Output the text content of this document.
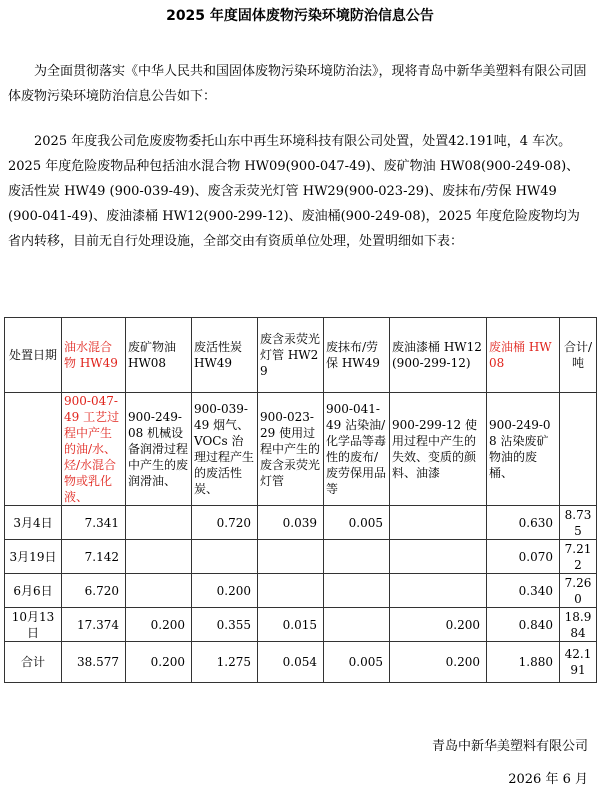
2025 年度固体废物污染环境防治信息公告
为全面贯彻落实《中华人民共和国固体废物污染环境防治法》，现将青岛中新华美塑料有限公司固体废物污染环境防治信息公告如下：
2025 年度我公司危废废物委托山东中再生环境科技有限公司处置，处置42.191吨，4 车次。 2025 年度危险废物品种包括油水混合物 HW09(900-047-49)、废矿物油 HW08(900-249-08)、废活性炭 HW49 (900-039-49)、废含汞荧光灯管 HW29(900-023-29)、废抹布/劳保 HW49 (900-041-49)、废油漆桶 HW12(900-299-12)、废油桶(900-249-08)，2025 年度危险废物均为省内转移，目前无自行处理设施，全部交由有资质单位处理，处置明细如下表：
处置日期	油水混合物 HW49	废矿物油 HW08	废活性炭 HW49	废含汞荧光灯管 HW29	废抹布/劳保 HW49	废油漆桶 HW12(900-299-12)	废油桶 HW08	合计/吨
	900-047-49 工艺过程中产生的油/水、烃/水混合物或乳化液、	900-249-08 机械设备润滑过程中产生的废润滑油、	900-039-49 烟气、VOCs 治理过程产生的废活性炭、	900-023-29 使用过程中产生的废含汞荧光灯管	900-041-49 沾染油/化学品等毒性的废布/废劳保用品等	900-299-12 使用过程中产生的失效、变质的颜料、油漆	900-249-08 沾染废矿物油的废桶、	
3月4日	7.341		0.720	0.039	0.005		0.630	8.735
3月19日	7.142						0.070	7.212
6月6日	6.720		0.200				0.340	7.260
10月13日	17.374	0.200	0.355	0.015		0.200	0.840	18.984
合计	38.577	0.200	1.275	0.054	0.005	0.200	1.880	42.191
青岛中新华美塑料有限公司
2026 年 6 月
